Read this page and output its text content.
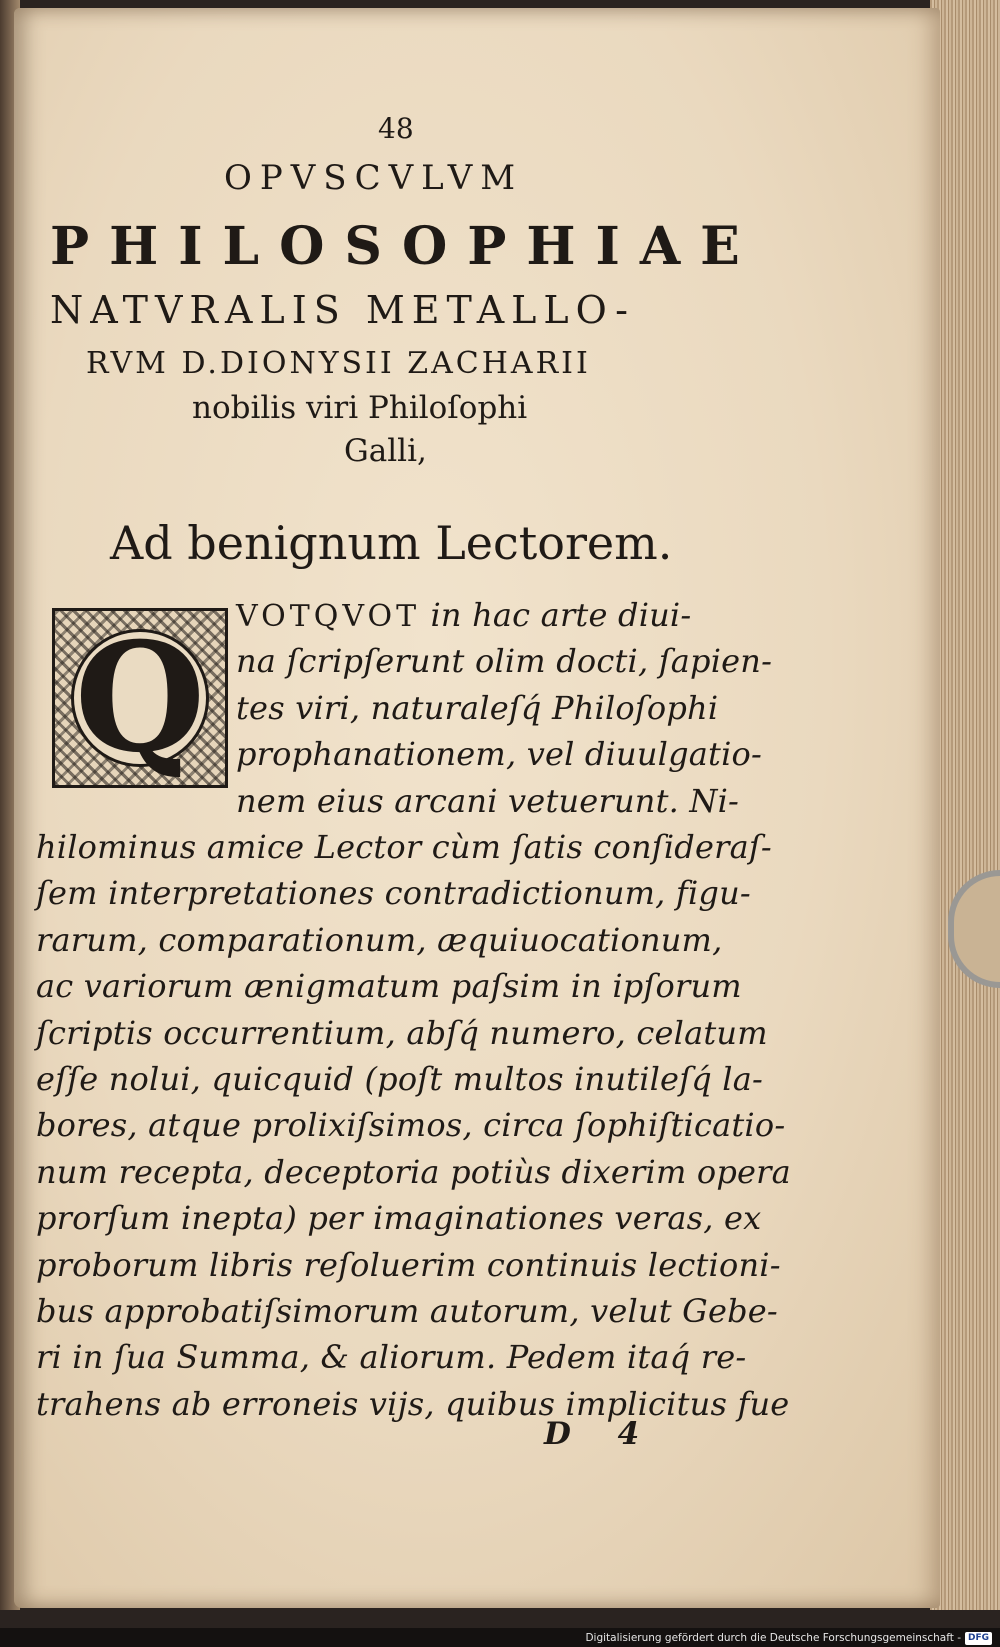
48
OPVSCVLVM
PHILOSOPHIAE
NATVRALIS METALLO-
RVM D.DIONYSII ZACHARII
nobilis viri Philoſophi
Galli,
Ad benignum Lectorem.
Q VOTQVOT in hac arte diui-
na ſcripſerunt olim docti, ſapien-
tes viri, naturaleſq́ Philoſophi
prophanationem, vel diuulgatio-
nem eius arcani vetuerunt. Ni-
hilominus amice Lector cùm ſatis conſideraſ-
ſem interpretationes contradictionum, figu-
rarum, comparationum, æquiuocationum,
ac variorum ænigmatum paſsim in ipſorum
ſcriptis occurrentium, abſq́ numero, celatum
eſſe nolui, quicquid (poſt multos inutileſq́ la-
bores, atque prolixiſsimos, circa ſophiſticatio-
num recepta, deceptoria potiùs dixerim opera
prorſum inepta) per imaginationes veras, ex
proborum libris reſoluerim continuis lectioni-
bus approbatiſsimorum autorum, velut Gebe-
ri in ſua Summa, & aliorum. Pedem itaq́ re-
trahens ab erroneis vijs, quibus implicitus fue
D 4
Digitalisierung gefördert durch die Deutsche Forschungsgemeinschaft - DFG
